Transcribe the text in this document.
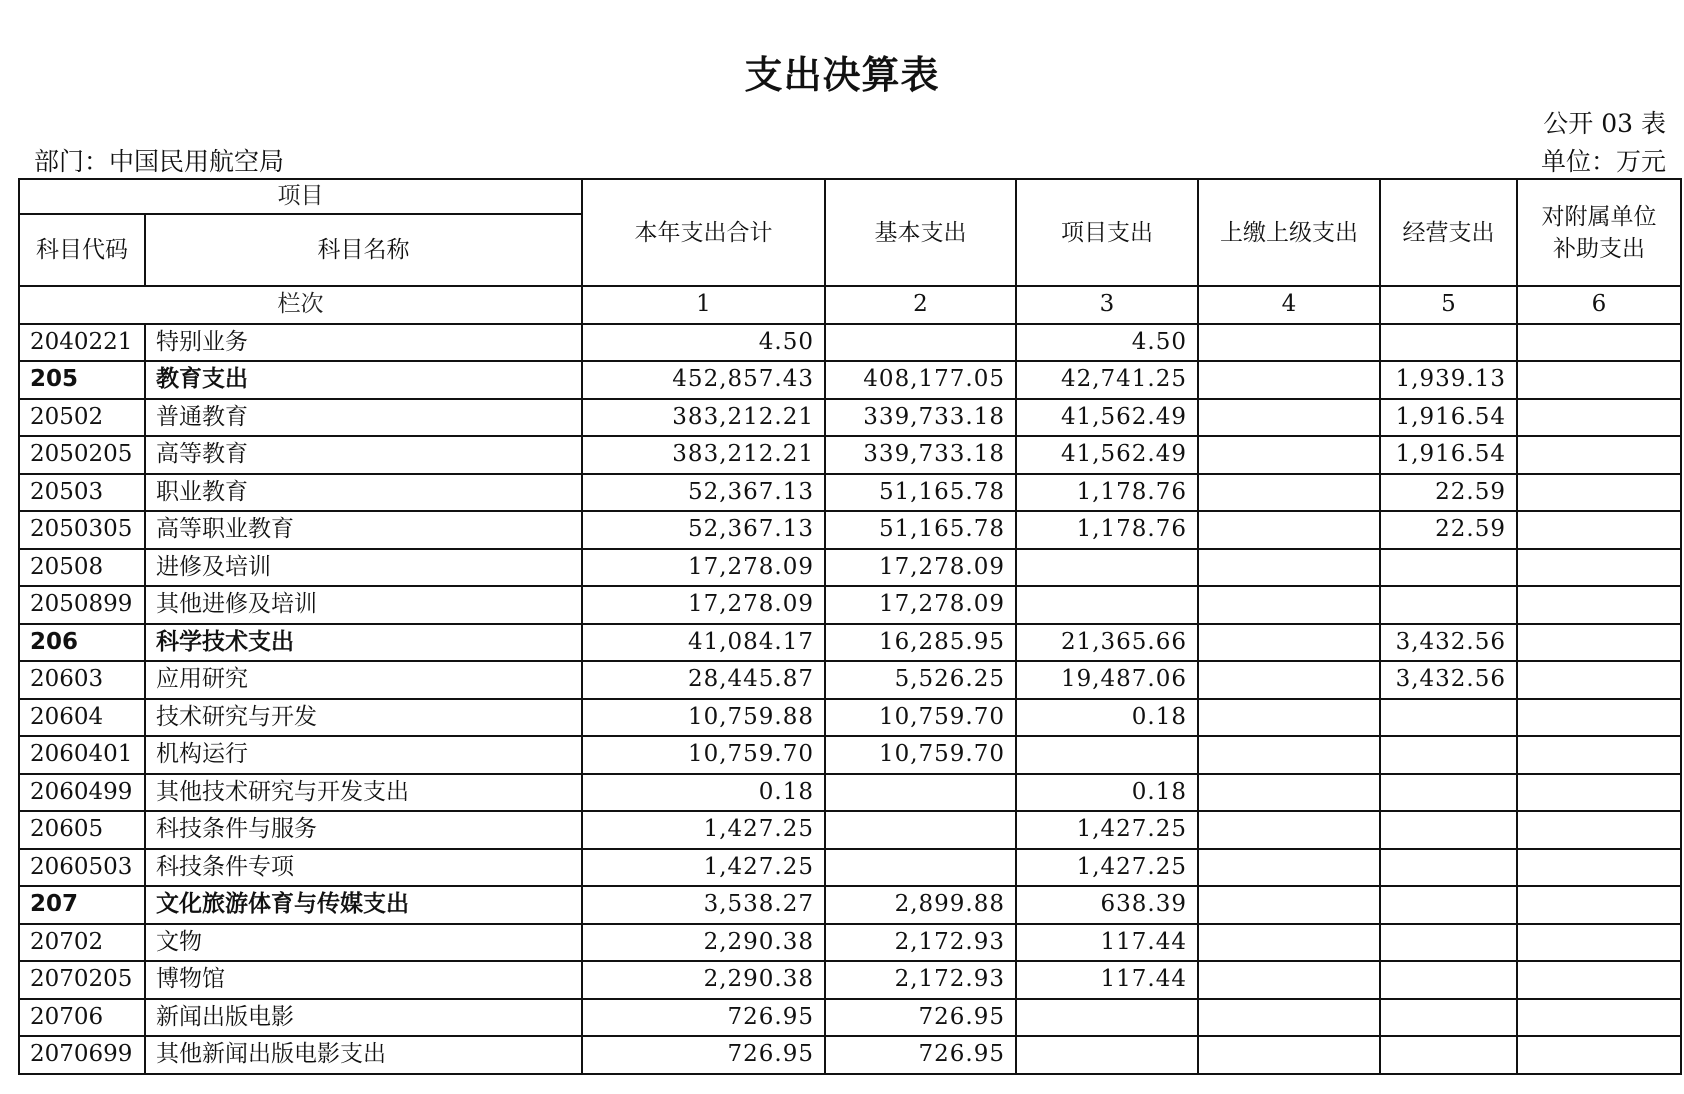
支出决算表
公开 03 表
部门：中国民用航空局	单位：万元
项目		本年支出合计	基本支出	项目支出	上缴上级支出	经营支出	对附属单位补助支出
科目代码	科目名称						
栏次		1	2	3	4	5	6
2040221	特别业务	4.50		4.50			
205	教育支出	452,857.43	408,177.05	42,741.25		1,939.13	
20502	普通教育	383,212.21	339,733.18	41,562.49		1,916.54	
2050205	高等教育	383,212.21	339,733.18	41,562.49		1,916.54	
20503	职业教育	52,367.13	51,165.78	1,178.76		22.59	
2050305	高等职业教育	52,367.13	51,165.78	1,178.76		22.59	
20508	进修及培训	17,278.09	17,278.09				
2050899	其他进修及培训	17,278.09	17,278.09				
206	科学技术支出	41,084.17	16,285.95	21,365.66		3,432.56	
20603	应用研究	28,445.87	5,526.25	19,487.06		3,432.56	
20604	技术研究与开发	10,759.88	10,759.70	0.18			
2060401	机构运行	10,759.70	10,759.70				
2060499	其他技术研究与开发支出	0.18		0.18			
20605	科技条件与服务	1,427.25		1,427.25			
2060503	科技条件专项	1,427.25		1,427.25			
207	文化旅游体育与传媒支出	3,538.27	2,899.88	638.39			
20702	文物	2,290.38	2,172.93	117.44			
2070205	博物馆	2,290.38	2,172.93	117.44			
20706	新闻出版电影	726.95	726.95				
2070699	其他新闻出版电影支出	726.95	726.95				
